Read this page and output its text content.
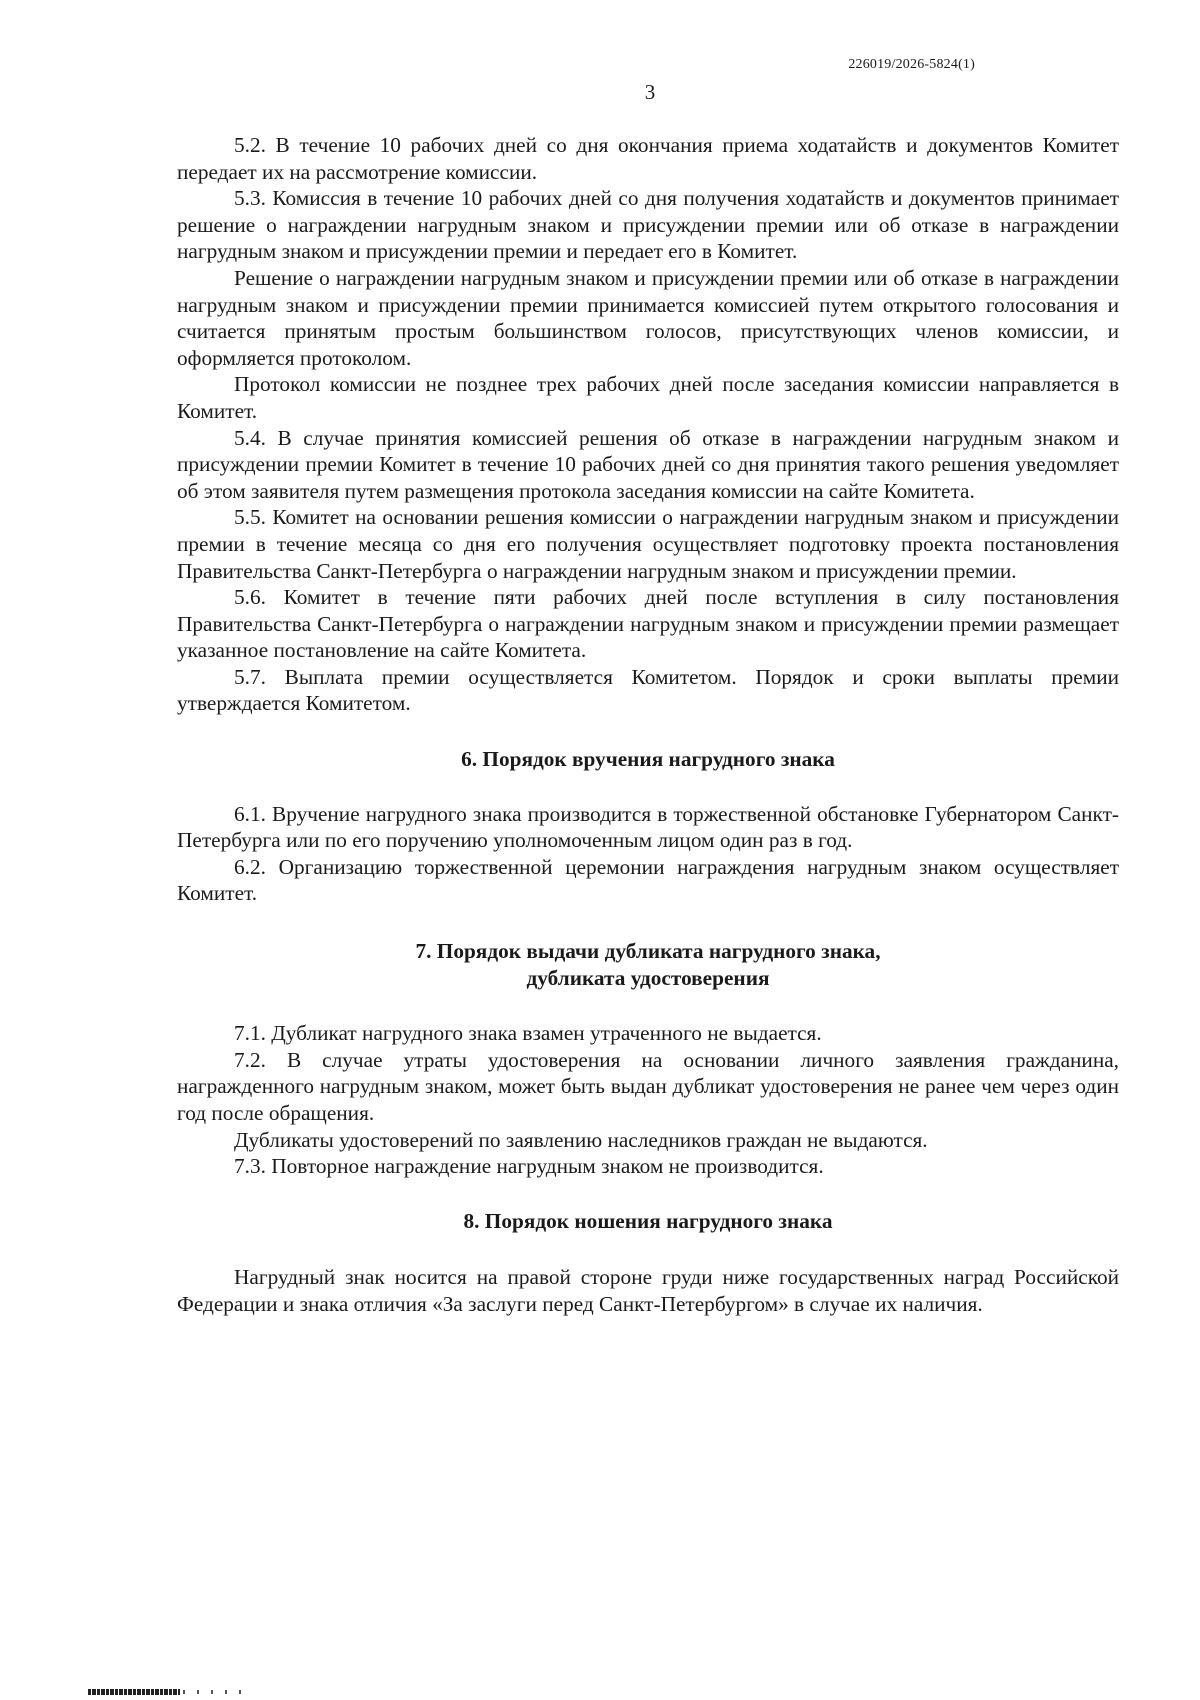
226019/2026-5824(1)
3

5.2. В течение 10 рабочих дней со дня окончания приема ходатайств и документов Комитет передает их на рассмотрение комиссии.

5.3. Комиссия в течение 10 рабочих дней со дня получения ходатайств и документов принимает решение о награждении нагрудным знаком и присуждении премии или об отказе в награждении нагрудным знаком и присуждении премии и передает его в Комитет.

Решение о награждении нагрудным знаком и присуждении премии или об отказе в награждении нагрудным знаком и присуждении премии принимается комиссией путем открытого голосования и считается принятым простым большинством голосов, присутствующих членов комиссии, и оформляется протоколом.

Протокол комиссии не позднее трех рабочих дней после заседания комиссии направляется в Комитет.

5.4. В случае принятия комиссией решения об отказе в награждении нагрудным знаком и присуждении премии Комитет в течение 10 рабочих дней со дня принятия такого решения уведомляет об этом заявителя путем размещения протокола заседания комиссии на сайте Комитета.

5.5. Комитет на основании решения комиссии о награждении нагрудным знаком и присуждении премии в течение месяца со дня его получения осуществляет подготовку проекта постановления Правительства Санкт-Петербурга о награждении нагрудным знаком и присуждении премии.

5.6. Комитет в течение пяти рабочих дней после вступления в силу постановления Правительства Санкт-Петербурга о награждении нагрудным знаком и присуждении премии размещает указанное постановление на сайте Комитета.

5.7. Выплата премии осуществляется Комитетом. Порядок и сроки выплаты премии утверждается Комитетом.

6. Порядок вручения нагрудного знака

6.1. Вручение нагрудного знака производится в торжественной обстановке Губернатором Санкт-Петербурга или по его поручению уполномоченным лицом один раз в год.

6.2. Организацию торжественной церемонии награждения нагрудным знаком осуществляет Комитет.

7. Порядок выдачи дубликата нагрудного знака,
дубликата удостоверения

7.1. Дубликат нагрудного знака взамен утраченного не выдается.

7.2. В случае утраты удостоверения на основании личного заявления гражданина, награжденного нагрудным знаком, может быть выдан дубликат удостоверения не ранее чем через один год после обращения.

Дубликаты удостоверений по заявлению наследников граждан не выдаются.

7.3. Повторное награждение нагрудным знаком не производится.

8. Порядок ношения нагрудного знака

Нагрудный знак носится на правой стороне груди ниже государственных наград Российской Федерации и знака отличия «За заслуги перед Санкт-Петербургом» в случае их наличия.
